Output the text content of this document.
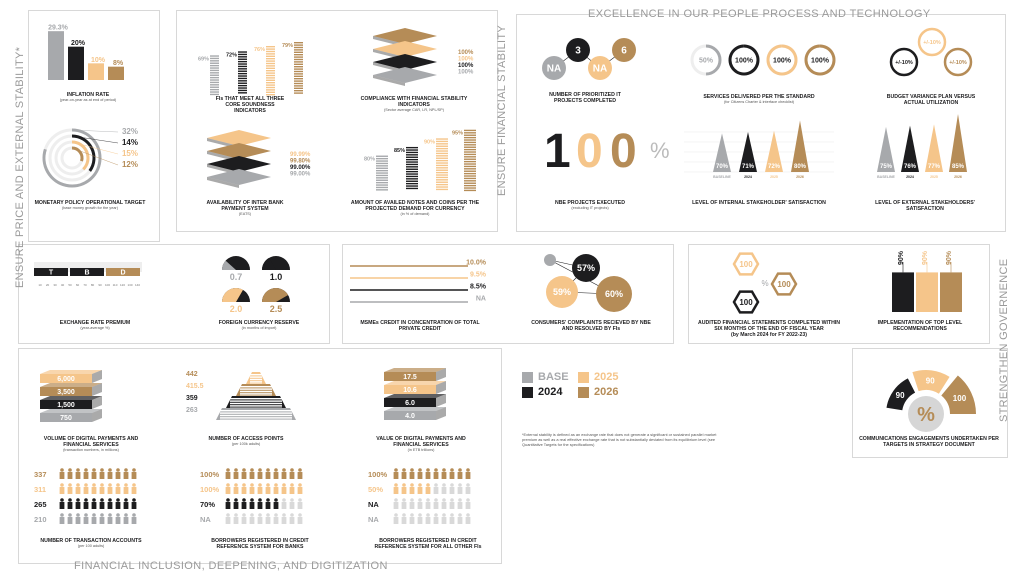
ENSURE PRICE AND EXTERNAL STABILITY*	ENSURE FINANCIAL STABILITY
EXCELLENCE IN OUR PEOPLE PROCESS AND TECHNOLOGY
STRENGTHEN GOVERNENCE
FINANCIAL INCLUSION, DEEPENING, AND DIGITIZATION
29.3%
20%
10% 8%
INFLATION RATE
(year-on-year as at end of period)
32%
14%
15%
12%
MONETARY POLICY OPERATIONAL TARGET
(base money growth for the year)
69%
72%
76%
79%
FIs THAT MEET ALL THREE CORE SOUNDNESS INDICATORS
100%
100%
100%
100%
COMPLIANCE WITH FINANCIAL STABILITY INDICATORS
(Sector average CAR, LR, NPL/SP)
99.99%
99.80%
99.00%
99.00%
AVAILABILITY OF INTER BANK PAYMENT SYSTEM
(EATS)
80%
85%
90%
95%
AMOUNT OF AVAILED NOTES AND COINS PER THE PROJECTED DEMAND FOR CURRENCY
(in % of demand)
NA
3
NA
6
NUMBER OF PRIORITIZED IT PROJECTS COMPLETED
50%	100%	100%	100%
SERVICES DELIVERED PER THE STANDARD
(for Citizens Charter & interface checklist)
+/-10%
+/-10%
+/-10%
BUDGET VARIANCE PLAN VERSUS ACTUAL UTILIZATION
1 0 0 %
NBE PROJECTS EXECUTED
(excluding IT projects)
70%
BASELINE
71%
2024
72%
2025
80%
2026
LEVEL OF INTERNAL STAKEHOLDER' SATISFACTION
75%
BASELINE
76%
2024
77%
2025
85%
2026
LEVEL OF EXTERNAL STAKEHOLDERS' SATISFACTION
T	B	D
10 20 30 40 50 60 70 80 90 100 110 120 130 140
EXCHANGE RATE PREMIUM
(year-average %)
0.7	1.0
2.0	2.5
FOREIGN CURRENCY RESERVE
(in months of import)
10.0%
9.5%
8.5%
NA
MSMEs CREDIT IN CONCENTRATION OF TOTAL PRIVATE CREDIT
57%
59%	60%
CONSUMERS' COMPLAINTS RECIEVED BY NBE AND RESOLVED BY FIs
100
100
100
%
AUDITED FINANCIAL STATEMENTS COMPLETED WITHIN SIX MONTHS OF THE END OF FISCAL YEAR
(by March 2024 for FY 2022-23)
90% 90% 90%
IMPLEMENTATION OF TOP LEVEL RECOMMENDATIONS
BASE 2025
2024	2026
*External stability is defined as an exchange rate that does not generate a significant or sustained parallel market premium as well as a real effective exchange rate that is not substantially deviated from its equilibrium level (see Quantitative Targets for the specifications)
90
90
100
%
COMMUNICATIONS ENGAGEMENTS UNDERTAKEN PER TARGETS IN STRATEGY DOCUMENT
6,000
3,500
1,500
750
VOLUME OF DIGITAL PAYMENTS AND FINANCIAL SERVICES
(transaction numbers, in millions)
442
415.5
359
263
NUMBER OF ACCESS POINTS
(per 100k adults)
17.5
10.6
6.0
4.0
VALUE OF DIGITAL PAYMENTS AND FINANCIAL SERVICES
(in ETB trillions)
337
311
265
210
NUMBER OF TRANSACTION ACCOUNTS
(per 100 adults)
100%
100%
70%
NA
BORROWERS REGISTERED IN CREDIT REFERENCE SYSTEM FOR BANKS
100%
50%
NA
NA
BORROWERS REGISTERED IN CREDIT REFERENCE SYSTEM FOR ALL OTHER FIs
